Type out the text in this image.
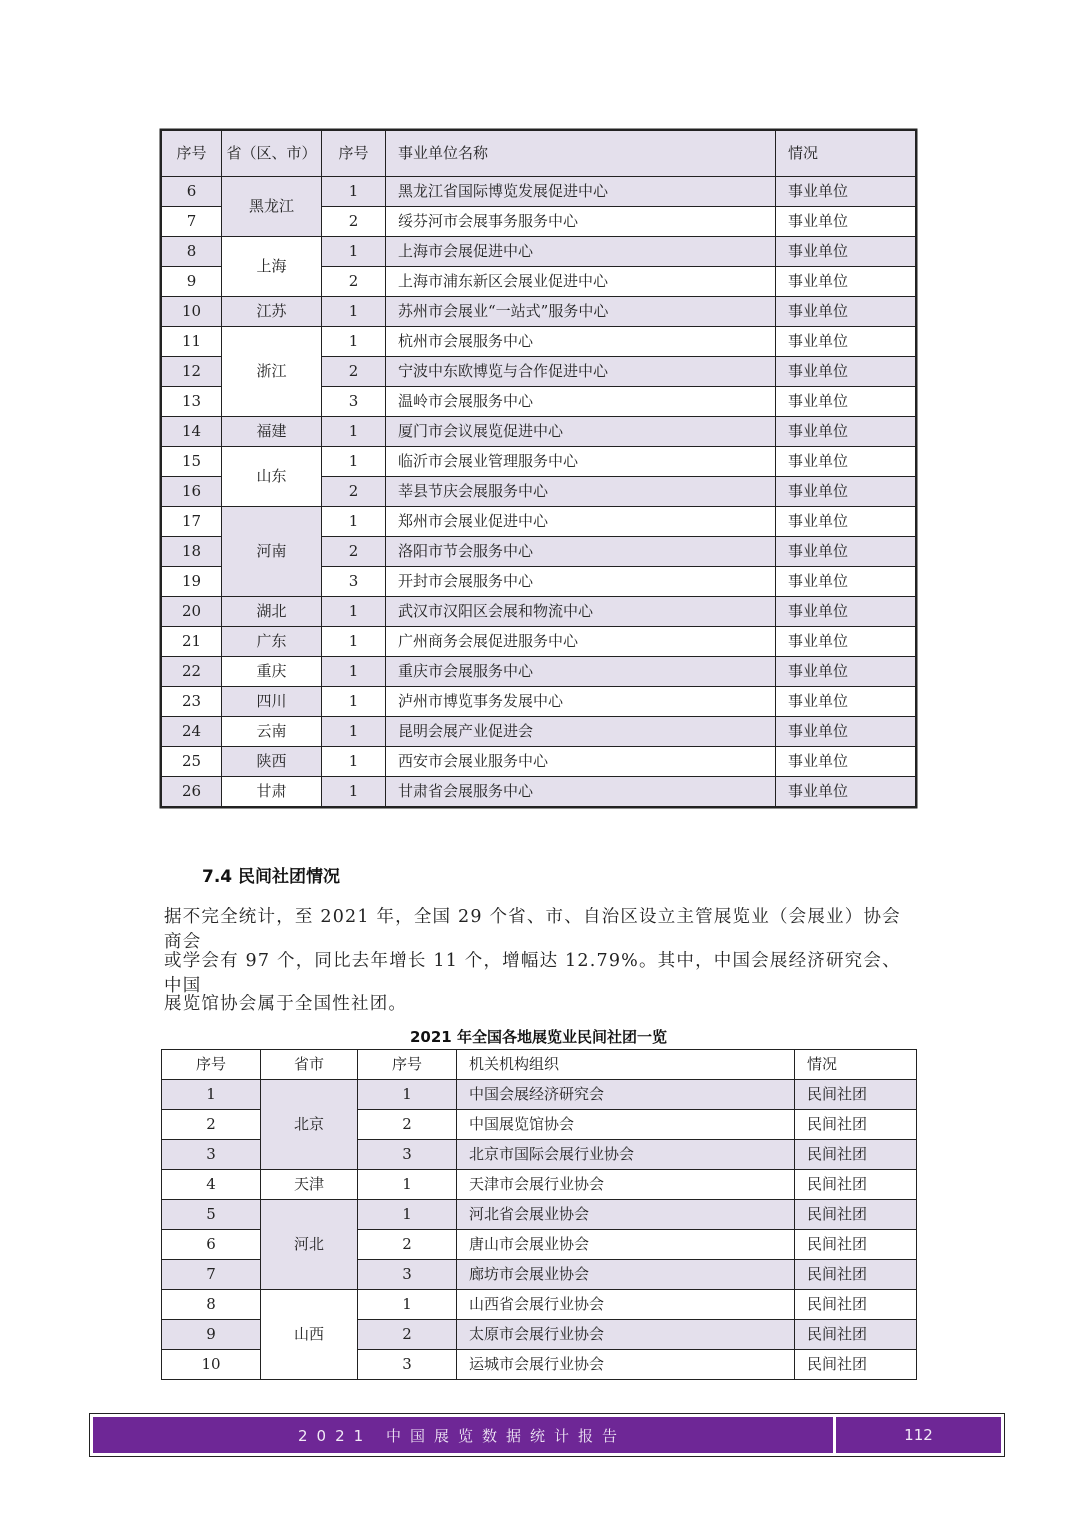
序号	省（区、市）	序号	事业单位名称	情况
6	黑龙江	1	黑龙江省国际博览发展促进中心	事业单位
7		2	绥芬河市会展事务服务中心	事业单位
8	上海	1	上海市会展促进中心	事业单位
9		2	上海市浦东新区会展业促进中心	事业单位
10	江苏	1	苏州市会展业“一站式”服务中心	事业单位
11	浙江	1	杭州市会展服务中心	事业单位
12		2	宁波中东欧博览与合作促进中心	事业单位
13		3	温岭市会展服务中心	事业单位
14	福建	1	厦门市会议展览促进中心	事业单位
15	山东	1	临沂市会展业管理服务中心	事业单位
16		2	莘县节庆会展服务中心	事业单位
17	河南	1	郑州市会展业促进中心	事业单位
18		2	洛阳市节会服务中心	事业单位
19		3	开封市会展服务中心	事业单位
20	湖北	1	武汉市汉阳区会展和物流中心	事业单位
21	广东	1	广州商务会展促进服务中心	事业单位
22	重庆	1	重庆市会展服务中心	事业单位
23	四川	1	泸州市博览事务发展中心	事业单位
24	云南	1	昆明会展产业促进会	事业单位
25	陕西	1	西安市会展业服务中心	事业单位
26	甘肃	1	甘肃省会展服务中心	事业单位
7.4 民间社团情况
据不完全统计，至 2021 年，全国 29 个省、市、自治区设立主管展览业（会展业）协会商会
或学会有 97 个，同比去年增长 11 个，增幅达 12.79%。其中，中国会展经济研究会、中国
展览馆协会属于全国性社团。
2021 年全国各地展览业民间社团一览
序号	省市	序号	机关机构组织	情况
1	北京	1	中国会展经济研究会	民间社团
2		2	中国展览馆协会	民间社团
3		3	北京市国际会展行业协会	民间社团
4	天津	1	天津市会展行业协会	民间社团
5	河北	1	河北省会展业协会	民间社团
6		2	唐山市会展业协会	民间社团
7		3	廊坊市会展业协会	民间社团
8	山西	1	山西省会展行业协会	民间社团
9		2	太原市会展行业协会	民间社团
10		3	运城市会展行业协会	民间社团
2021 中国展览数据统计报告	112
